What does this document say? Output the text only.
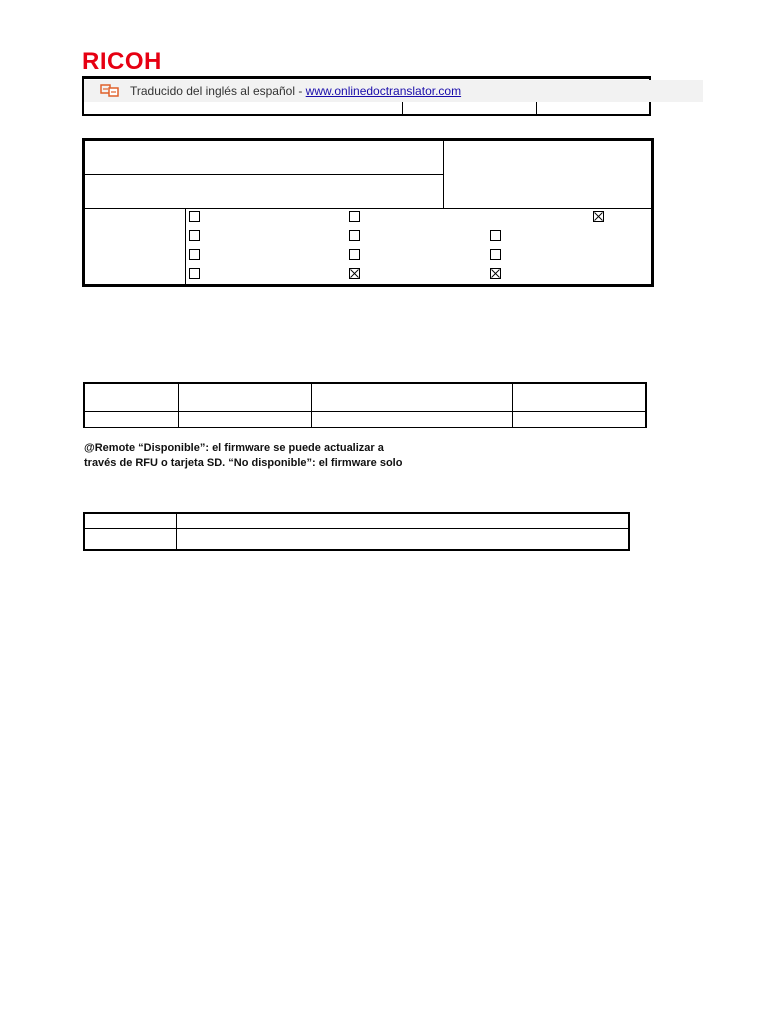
RICOH
Traducido del inglés al español -
www.onlinedoctranslator.com
@Remote “Disponible”: el firmware se puede actualizar a
través de RFU o tarjeta SD. “No disponible”: el firmware solo
